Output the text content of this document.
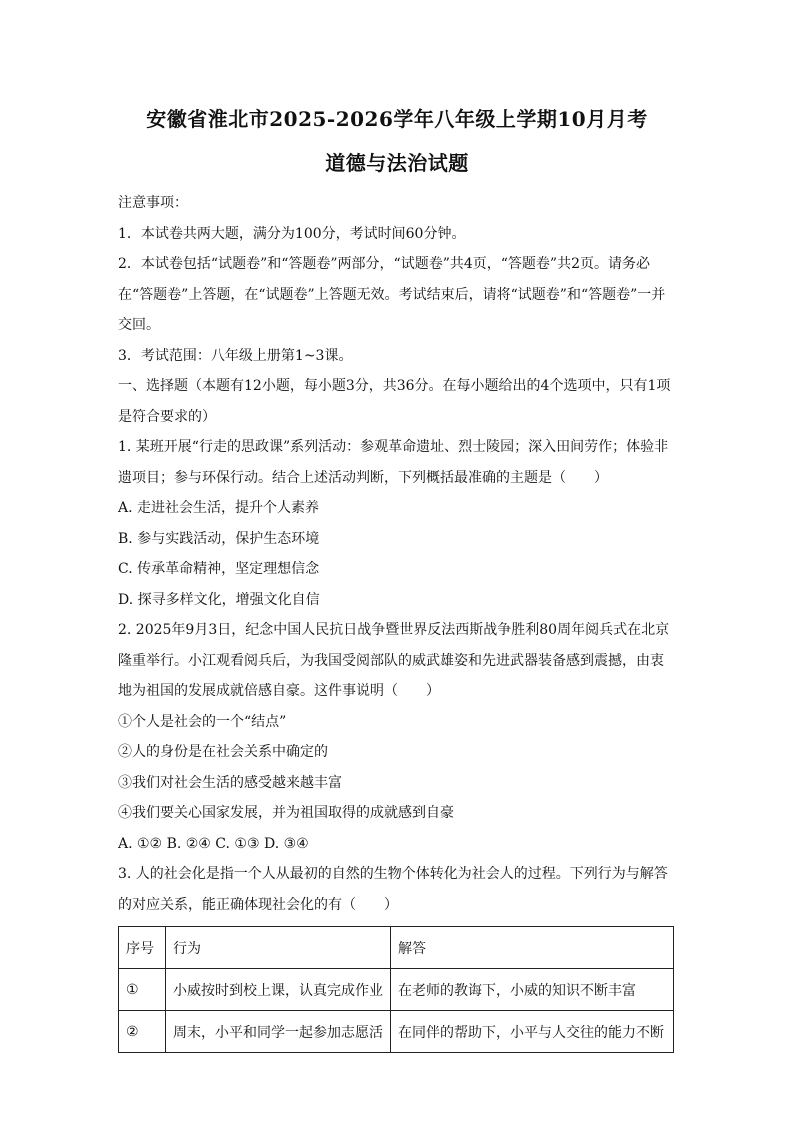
安徽省淮北市2025-2026学年八年级上学期10月月考
道德与法治试题

注意事项：

1．本试卷共两大题，满分为100分，考试时间60分钟。

2．本试卷包括“试题卷”和“答题卷”两部分，“试题卷”共4页，“答题卷”共2页。请务必在“答题卷”上答题，在“试题卷”上答题无效。考试结束后，请将“试题卷”和“答题卷”一并交回。

3．考试范围：八年级上册第1~3课。

一、选择题（本题有12小题，每小题3分，共36分。在每小题给出的4个选项中，只有1项是符合要求的）

1. 某班开展“行走的思政课”系列活动：参观革命遗址、烈士陵园；深入田间劳作；体验非遗项目；参与环保行动。结合上述活动判断，下列概括最准确的主题是（　　）

A. 走进社会生活，提升个人素养

B. 参与实践活动，保护生态环境

C. 传承革命精神，坚定理想信念

D. 探寻多样文化，增强文化自信

2. 2025年9月3日，纪念中国人民抗日战争暨世界反法西斯战争胜利80周年阅兵式在北京隆重举行。小江观看阅兵后，为我国受阅部队的威武雄姿和先进武器装备感到震撼，由衷地为祖国的发展成就倍感自豪。这件事说明（　　）

①个人是社会的一个“结点”

②人的身份是在社会关系中确定的

③我们对社会生活的感受越来越丰富

④我们要关心国家发展，并为祖国取得的成就感到自豪

A. ①② B. ②④ C. ①③ D. ③④

3. 人的社会化是指一个人从最初的自然的生物个体转化为社会人的过程。下列行为与解答的对应关系，能正确体现社会化的有（　　）

序号	行为	解答
①	小威按时到校上课，认真完成作业	在老师的教诲下，小威的知识不断丰富
②	周末，小平和同学一起参加志愿活	在同伴的帮助下，小平与人交往的能力不断
